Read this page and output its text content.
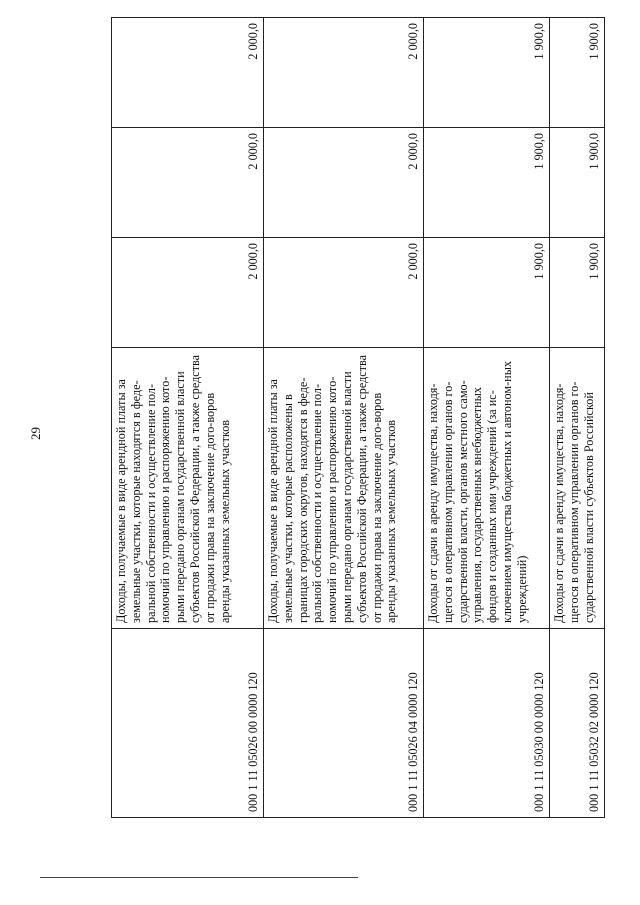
29
000 1 11 05026 00 0000 120	Доходы, получаемые в виде арендной платы за земельные участки, которые находятся в феде-ральной собственности и осуществление пол-номочий по управлению и распоряжению кото-рыми передано органам государственной власти субъектов Российской Федерации, а также средства от продажи права на заключение дого-воров аренды указанных земельных участков	2 000,0	2 000,0	2 000,0
000 1 11 05026 04 0000 120	Доходы, получаемые в виде арендной платы за земельные участки, которые расположены в границах городских округов, находятся в феде-ральной собственности и осуществление пол-номочий по управлению и распоряжению кото-рыми передано органам государственной власти субъектов Российской Федерации, а также средства от продажи права на заключение дого-воров аренды указанных земельных участков	2 000,0	2 000,0	2 000,0
000 1 11 05030 00 0000 120	Доходы от сдачи в аренду имущества, находя-щегося в оперативном управлении органов го-сударственной власти, органов местного само-управления, государственных внебюджетных фондов и созданных ими учреждений (за ис-ключением имущества бюджетных и автоном-ных учреждений)	1 900,0	1 900,0	1 900,0
000 1 11 05032 02 0000 120	Доходы от сдачи в аренду имущества, находя-щегося в оперативном управлении органов го-сударственной власти субъектов Российской	1 900,0	1 900,0	1 900,0
